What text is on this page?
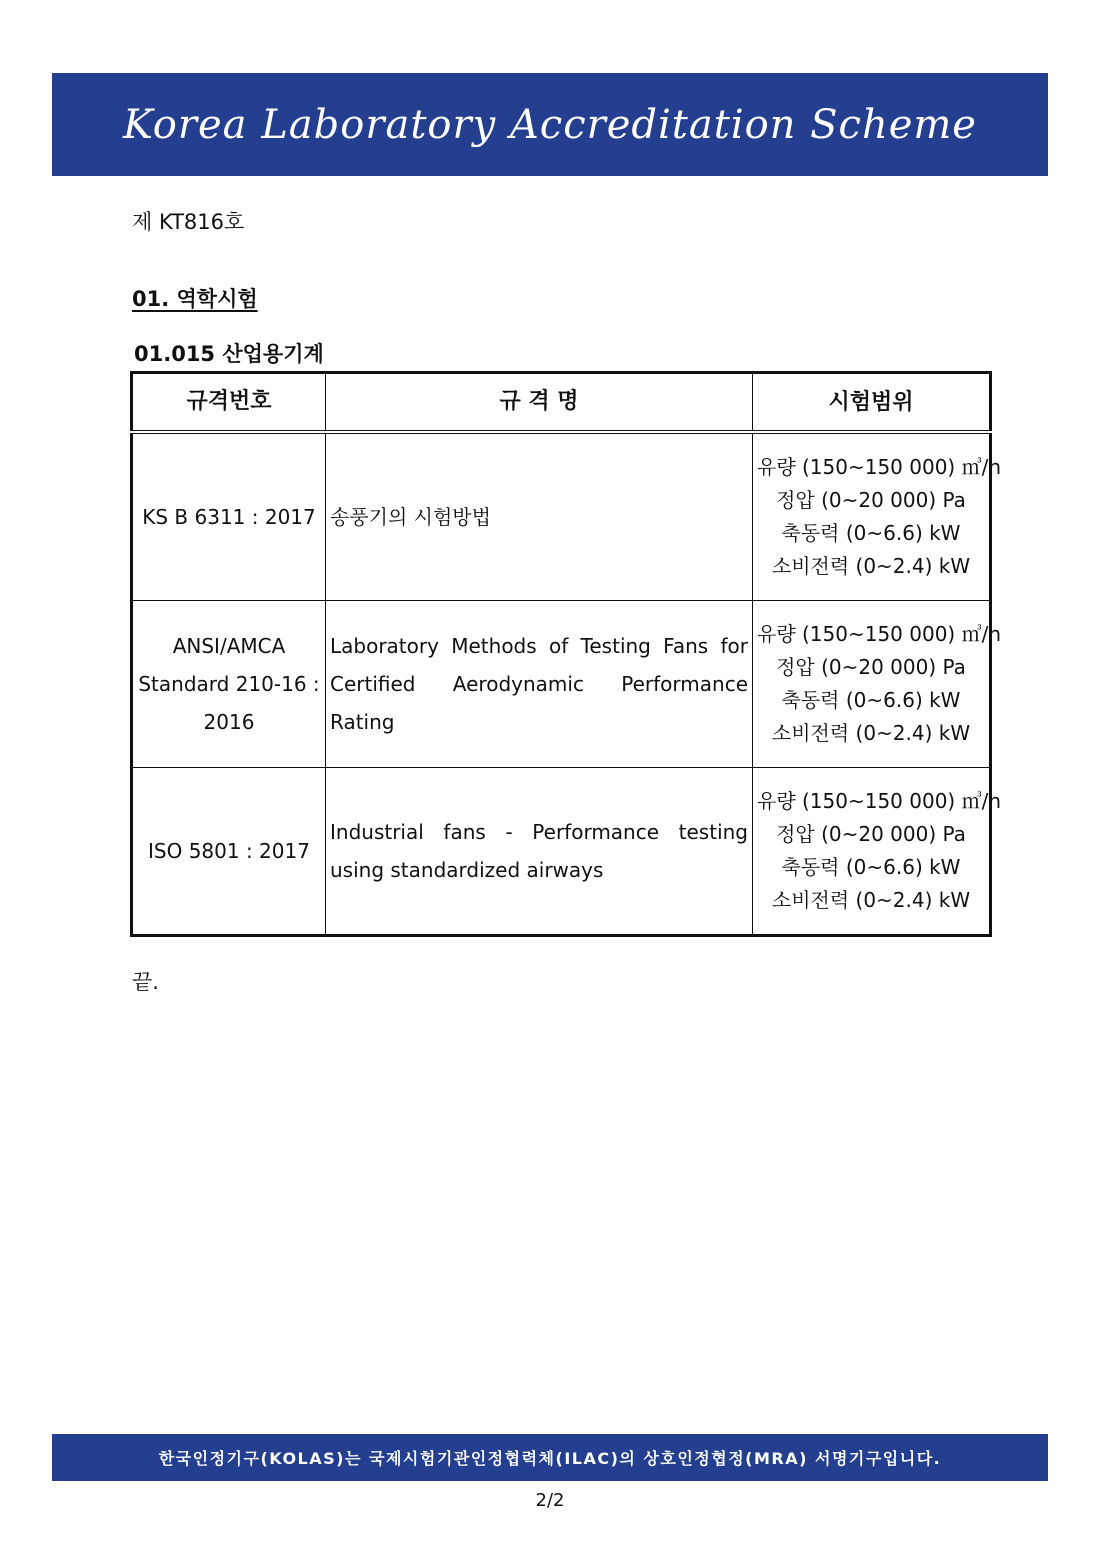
Korea Laboratory Accreditation Scheme
제 KT816호
01. 역학시험
01.015 산업용기계
규격번호	규 격 명	시험범위
KS B 6311 : 2017	송풍기의 시험방법	유량 (150~150 000) ㎥/h
정압 (0~20 000) Pa
축동력 (0~6.6) kW
소비전력 (0~2.4) kW

ANSI/AMCA Standard 210-16 : 2016	Laboratory Methods of Testing Fans for Certified Aerodynamic Performance Rating	유량 (150~150 000) ㎥/h
정압 (0~20 000) Pa
축동력 (0~6.6) kW
소비전력 (0~2.4) kW

ISO 5801 : 2017	Industrial fans - Performance testing using standardized airways	유량 (150~150 000) ㎥/h
정압 (0~20 000) Pa
축동력 (0~6.6) kW
소비전력 (0~2.4) kW
끝.
한국인정기구(KOLAS)는 국제시험기관인정협력체(ILAC)의 상호인정협정(MRA) 서명기구입니다.
2/2
